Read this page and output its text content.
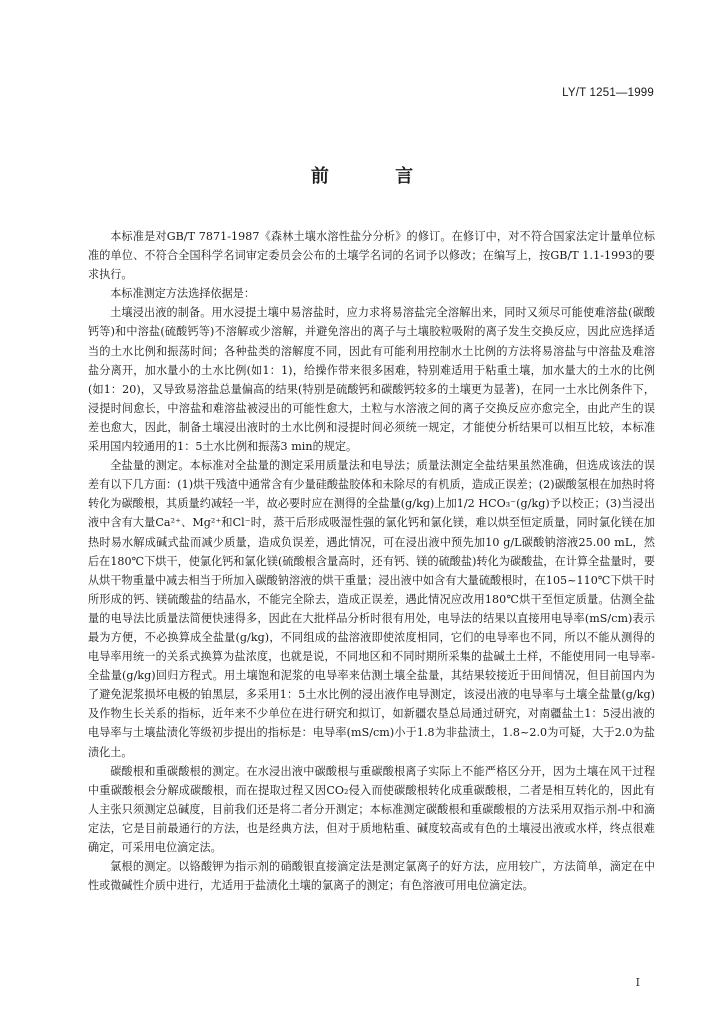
LY/T 1251—1999
前 言

本标准是对GB/T 7871-1987《森林土壤水溶性盐分分析》的修订。在修订中，对不符合国家法定计量单位标准的单位、不符合全国科学名词审定委员会公布的土壤学名词的名词予以修改；在编写上，按GB/T 1.1-1993的要求执行。

本标准测定方法选择依据是：

土壤浸出液的制备。用水浸提土壤中易溶盐时，应力求将易溶盐完全溶解出来，同时又须尽可能使难溶盐(碳酸钙等)和中溶盐(硫酸钙等)不溶解或少溶解，并避免溶出的离子与土壤胶粒吸附的离子发生交换反应，因此应选择适当的土水比例和振荡时间；各种盐类的溶解度不同，因此有可能利用控制水土比例的方法将易溶盐与中溶盐及难溶盐分离开，加水量小的土水比例(如1：1)，给操作带来很多困难，特别难适用于粘重土壤，加水量大的土水的比例(如1：20)，又导致易溶盐总量偏高的结果(特别是硫酸钙和碳酸钙较多的土壤更为显著)，在同一土水比例条件下，浸提时间愈长，中溶盐和难溶盐被浸出的可能性愈大，土粒与水溶液之间的离子交换反应亦愈完全，由此产生的误差也愈大，因此，制备土壤浸出液时的土水比例和浸提时间必须统一规定，才能使分析结果可以相互比较，本标准采用国内较通用的1：5土水比例和振荡3 min的规定。

全盐量的测定。本标准对全盐量的测定采用质量法和电导法；质量法测定全盐结果虽然准确，但选成该法的误差有以下几方面：(1)烘干残渣中通常含有少量硅酸盐胶体和未除尽的有机质，造成正误差；(2)碳酸氢根在加热时将转化为碳酸根，其质量约减轻一半，故必要时应在测得的全盐量(g/kg)上加1/2 HCO₃⁻(g/kg)予以校正；(3)当浸出液中含有大量Ca²⁺、Mg²⁺和Cl⁻时，蒸干后形成吸湿性强的氯化钙和氯化镁，难以烘至恒定质量，同时氯化镁在加热时易水解成碱式盐而减少质量，造成负误差，遇此情况，可在浸出液中预先加10 g/L碳酸钠溶液25.00 mL，然后在180℃下烘干，使氯化钙和氯化镁(硫酸根含量高时，还有钙、镁的硫酸盐)转化为碳酸盐，在计算全盐量时，要从烘干物重量中减去相当于所加入碳酸钠溶液的烘干重量；浸出液中如含有大量硫酸根时，在105~110℃下烘干时所形成的钙、镁硫酸盐的结晶水，不能完全除去，造成正误差，遇此情况应改用180℃烘干至恒定质量。估测全盐量的电导法比质量法简便快速得多，因此在大批样品分析时很有用处，电导法的结果以直接用电导率(mS/cm)表示最为方便，不必换算成全盐量(g/kg)，不同组成的盐溶液即使浓度相同，它们的电导率也不同，所以不能从测得的电导率用统一的关系式换算为盐浓度，也就是说，不同地区和不同时期所采集的盐碱土土样，不能使用同一电导率-全盐量(g/kg)回归方程式。用土壤饱和泥浆的电导率来估测土壤全盐量，其结果较接近于田间情况，但目前国内为了避免泥浆损坏电极的铂黑层，多采用1：5土水比例的浸出液作电导测定，该浸出液的电导率与土壤全盐量(g/kg)及作物生长关系的指标，近年来不少单位在进行研究和拟订，如新疆农垦总局通过研究，对南疆盐土1：5浸出液的电导率与土壤盐渍化等级初步提出的指标是：电导率(mS/cm)小于1.8为非盐渍土，1.8~2.0为可疑，大于2.0为盐渍化土。

碳酸根和重碳酸根的测定。在水浸出液中碳酸根与重碳酸根离子实际上不能严格区分开，因为土壤在风干过程中重碳酸根会分解成碳酸根，而在提取过程又因CO₂侵入而使碳酸根转化成重碳酸根，二者是相互转化的，因此有人主张只须测定总碱度，目前我们还是将二者分开测定；本标准测定碳酸根和重碳酸根的方法采用双指示剂-中和滴定法，它是目前最通行的方法，也是经典方法，但对于质地粘重、碱度较高或有色的土壤浸出液或水样，终点很难确定，可采用电位滴定法。

氯根的测定。以铬酸钾为指示剂的硝酸银直接滴定法是测定氯离子的好方法，应用较广，方法简单，滴定在中性或微碱性介质中进行，尤适用于盐渍化土壤的氯离子的测定；有色溶液可用电位滴定法。

I
